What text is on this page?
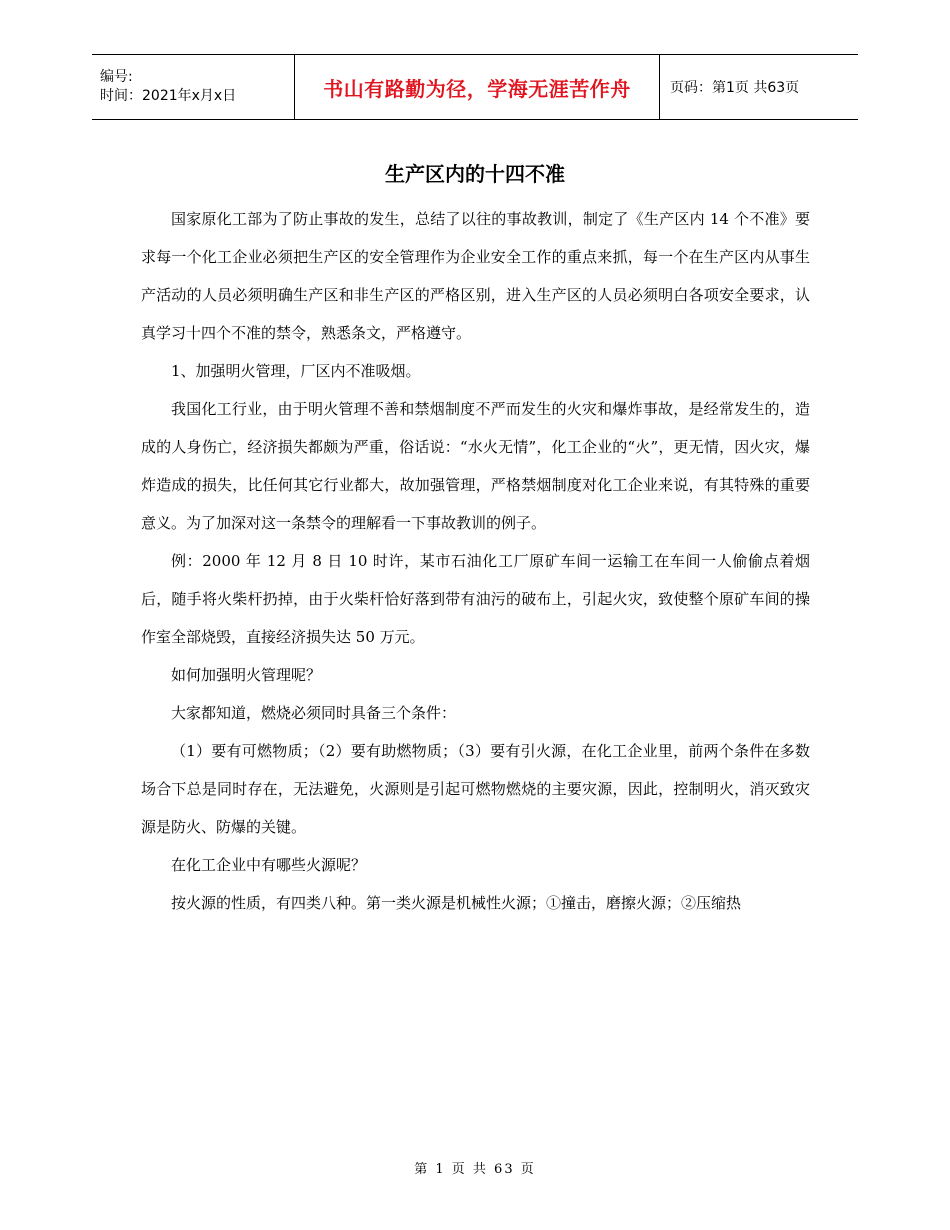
编号:
时间：2021年x月x日	书山有路勤为径，学海无涯苦作舟	页码：第1页 共63页
生产区内的十四不准

国家原化工部为了防止事故的发生，总结了以往的事故教训，制定了《生产区内 14 个不准》要求每一个化工企业必须把生产区的安全管理作为企业安全工作的重点来抓，每一个在生产区内从事生产活动的人员必须明确生产区和非生产区的严格区别，进入生产区的人员必须明白各项安全要求，认真学习十四个不准的禁令，熟悉条文，严格遵守。

1、加强明火管理，厂区内不准吸烟。

我国化工行业，由于明火管理不善和禁烟制度不严而发生的火灾和爆炸事故，是经常发生的，造成的人身伤亡，经济损失都颇为严重，俗话说：“水火无情”，化工企业的“火”，更无情，因火灾，爆炸造成的损失，比任何其它行业都大，故加强管理，严格禁烟制度对化工企业来说，有其特殊的重要意义。为了加深对这一条禁令的理解看一下事故教训的例子。

例：2000 年 12 月 8 日 10 时许，某市石油化工厂原矿车间一运输工在车间一人偷偷点着烟后，随手将火柴杆扔掉，由于火柴杆恰好落到带有油污的破布上，引起火灾，致使整个原矿车间的操作室全部烧毁，直接经济损失达 50 万元。

如何加强明火管理呢？

大家都知道，燃烧必须同时具备三个条件：

（1）要有可燃物质；（2）要有助燃物质；（3）要有引火源，在化工企业里，前两个条件在多数场合下总是同时存在，无法避免，火源则是引起可燃物燃烧的主要灾源，因此，控制明火，消灭致灾源是防火、防爆的关键。

在化工企业中有哪些火源呢？

按火源的性质，有四类八种。第一类火源是机械性火源；①撞击，磨擦火源；②压缩热

第 1 页 共 63 页
